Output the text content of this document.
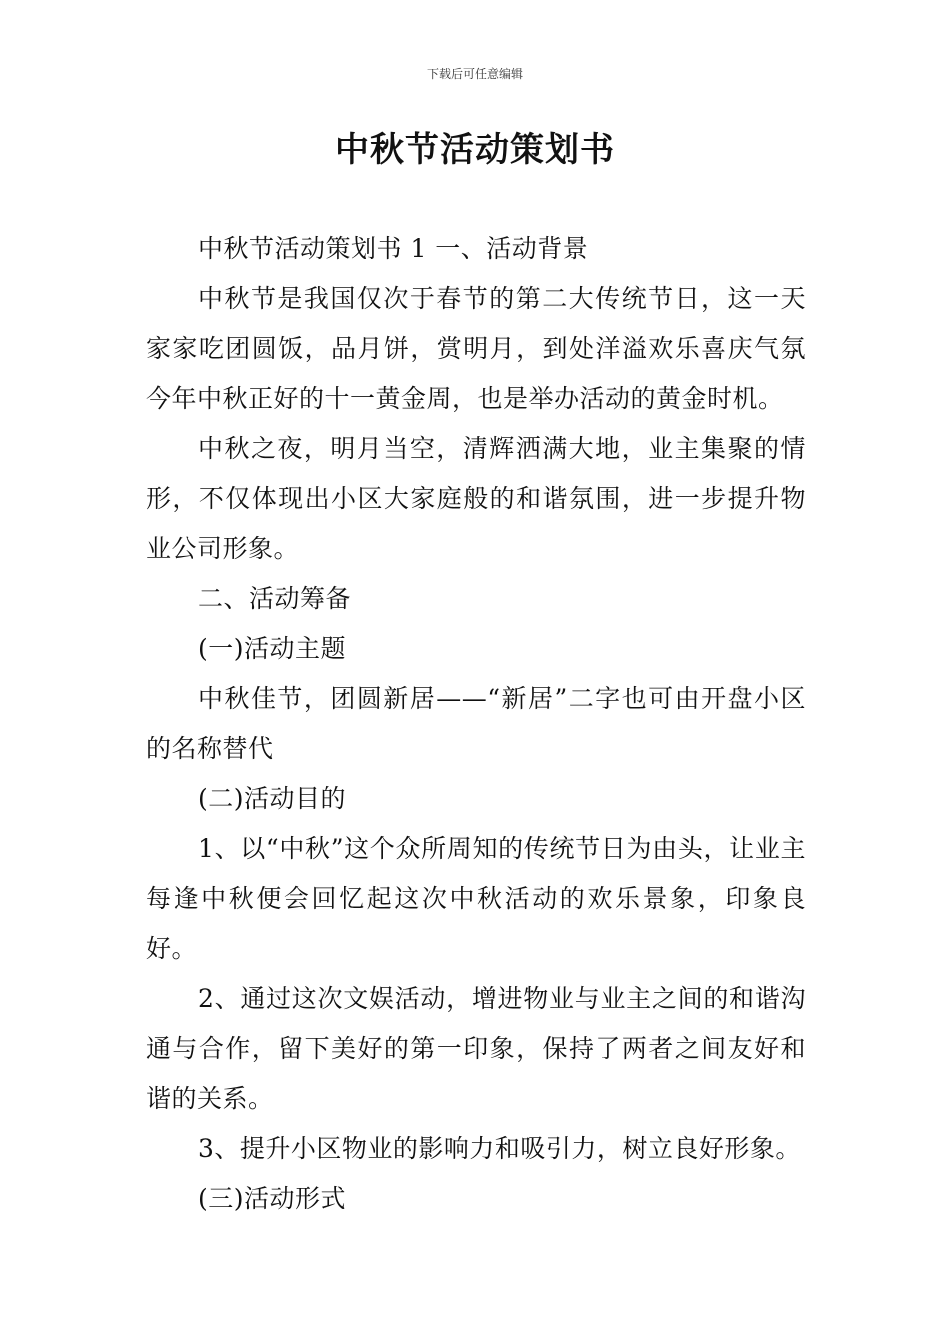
下载后可任意编辑
中秋节活动策划书

中秋节活动策划书 1 一、活动背景

中秋节是我国仅次于春节的第二大传统节日，这一天家家吃团圆饭，品月饼，赏明月，到处洋溢欢乐喜庆气氛今年中秋正好的十一黄金周，也是举办活动的黄金时机。

中秋之夜，明月当空，清辉洒满大地，业主集聚的情形，不仅体现出小区大家庭般的和谐氛围，进一步提升物业公司形象。

二、活动筹备

(一)活动主题

中秋佳节，团圆新居——“新居”二字也可由开盘小区的名称替代

(二)活动目的

1、以“中秋”这个众所周知的传统节日为由头，让业主每逢中秋便会回忆起这次中秋活动的欢乐景象，印象良好。

2、通过这次文娱活动，增进物业与业主之间的和谐沟通与合作，留下美好的第一印象，保持了两者之间友好和谐的关系。

3、提升小区物业的影响力和吸引力，树立良好形象。

(三)活动形式
